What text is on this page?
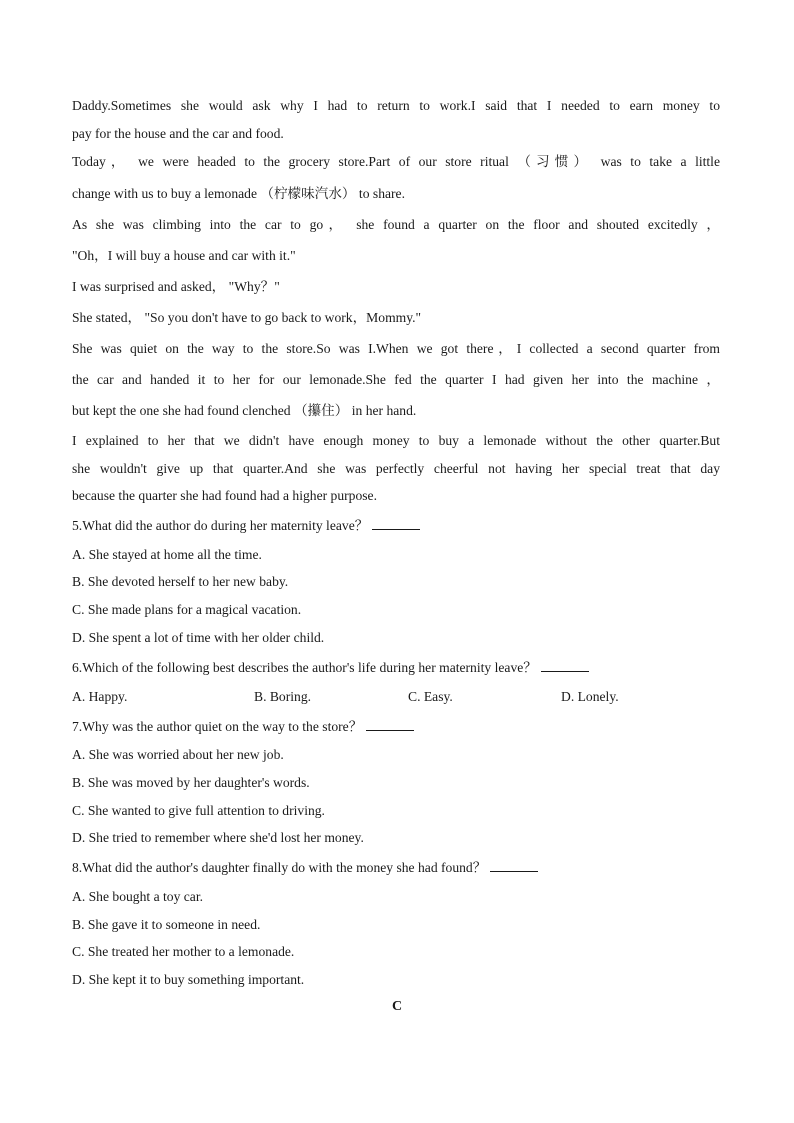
Daddy.Sometimes she would ask why I had to return to work.I said that I needed to earn money to
pay for the house and the car and food.
Today， we were headed to the grocery store.Part of our store ritual （习惯） was to take a little
change with us to buy a lemonade （柠檬味汽水） to share.
As she was climbing into the car to go， she found a quarter on the floor and shouted excitedly ，
"Oh，I will buy a house and car with it."
I was surprised and asked， "Why？"
She stated， "So you don't have to go back to work，Mommy."
She was quiet on the way to the store.So was I.When we got there，I collected a second quarter from
the car and handed it to her for our lemonade.She fed the quarter I had given her into the machine ，
but kept the one she had found clenched （攥住） in her hand.
I explained to her that we didn't have enough money to buy a lemonade without the other quarter.But
she wouldn't give up that quarter.And she was perfectly cheerful not having her special treat that day
because the quarter she had found had a higher purpose.
5.What did the author do during her maternity leave？
A. She stayed at home all the time.
B. She devoted herself to her new baby.
C. She made plans for a magical vacation.
D. She spent a lot of time with her older child.
6.Which of the following best describes the author's life during her maternity leave？
A. Happy.	B. Boring.	C. Easy.	D. Lonely.
7.Why was the author quiet on the way to the store？
A. She was worried about her new job.
B. She was moved by her daughter's words.
C. She wanted to give full attention to driving.
D. She tried to remember where she'd lost her money.
8.What did the author's daughter finally do with the money she had found？
A. She bought a toy car.
B. She gave it to someone in need.
C. She treated her mother to a lemonade.
D. She kept it to buy something important.
C
